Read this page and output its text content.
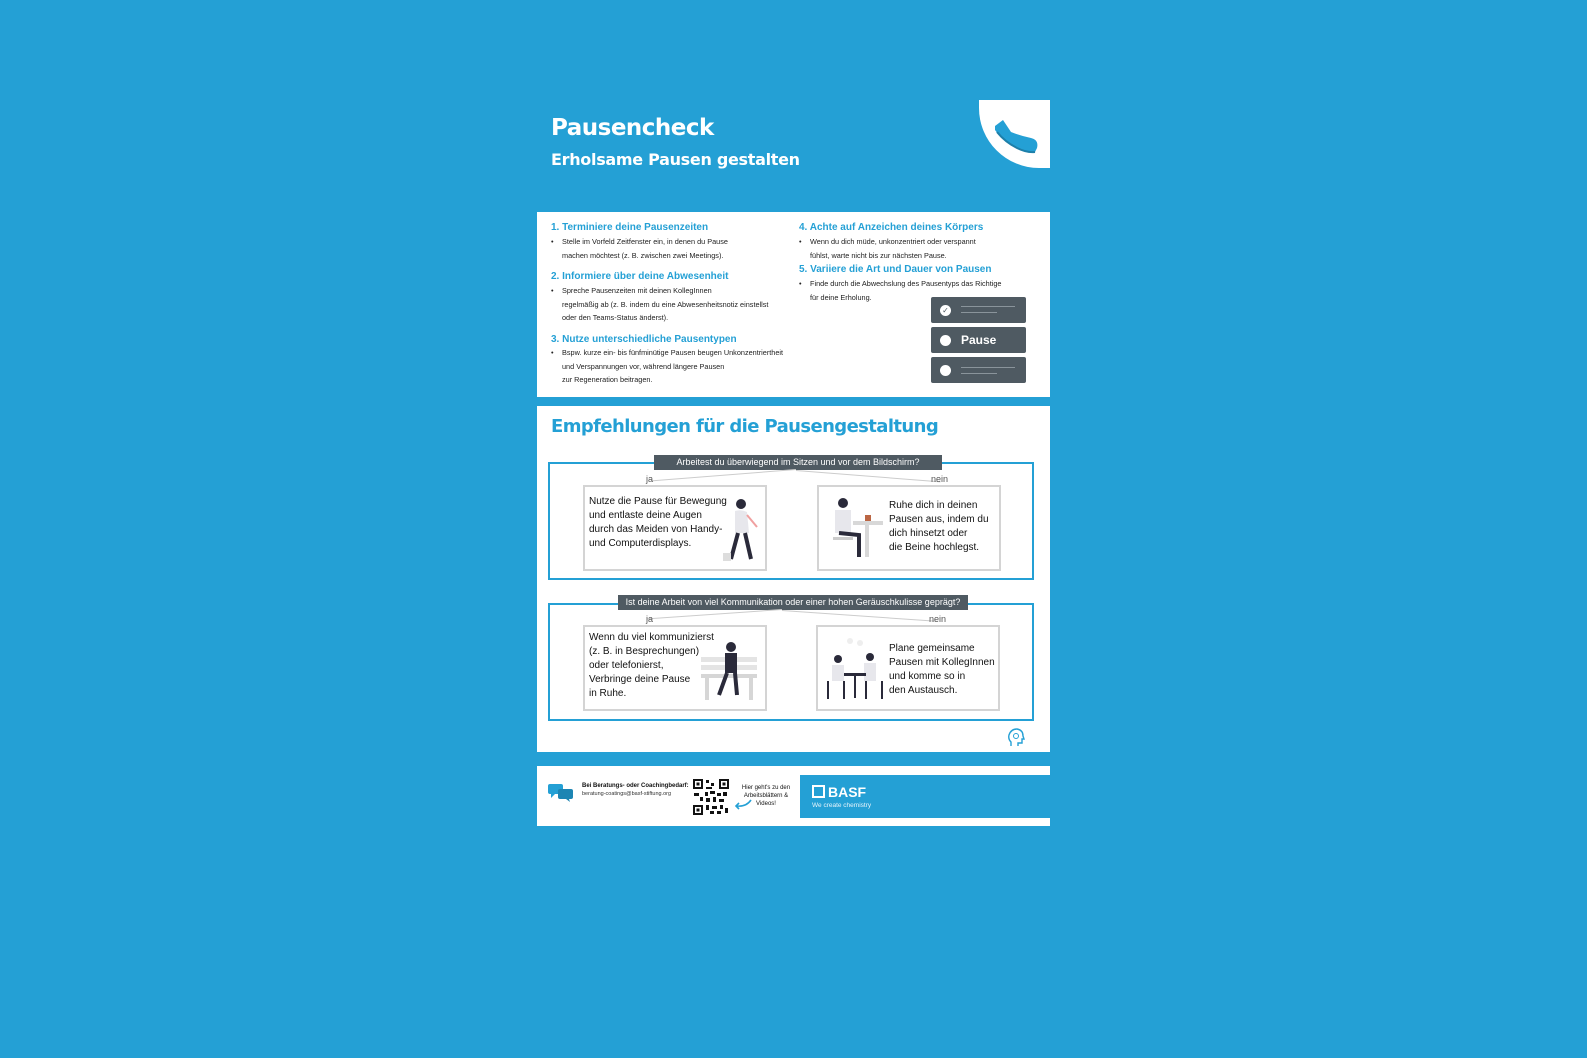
Pausencheck
Erholsame Pausen gestalten

1. Terminiere deine Pausenzeiten

• Stelle im Vorfeld Zeitfenster ein, in denen du Pause
machen möchtest (z. B. zwischen zwei Meetings).

2. Informiere über deine Abwesenheit

• Spreche Pausenzeiten mit deinen KollegInnen
regelmäßig ab (z. B. indem du eine Abwesenheitsnotiz einstellst
oder den Teams-Status änderst).

3. Nutze unterschiedliche Pausentypen

• Bspw. kurze ein- bis fünfminütige Pausen beugen Unkonzentriertheit
und Verspannungen vor, während längere Pausen
zur Regeneration beitragen.

4. Achte auf Anzeichen deines Körpers

• Wenn du dich müde, unkonzentriert oder verspannt
fühlst, warte nicht bis zur nächsten Pause.

5. Variiere die Art und Dauer von Pausen

• Finde durch die Abwechslung des Pausentyps das Richtige
für deine Erholung.
✓
Pause
Empfehlungen für die Pausengestaltung
Arbeitest du überwiegend im Sitzen und vor dem Bildschirm?
ja	nein
Nutze die Pause für Bewegung
und entlaste deine Augen
durch das Meiden von Handy-
und Computerdisplays.
Ruhe dich in deinen
Pausen aus, indem du
dich hinsetzt oder
die Beine hochlegst.
Ist deine Arbeit von viel Kommunikation oder einer hohen Geräuschkulisse geprägt?
ja	nein
Wenn du viel kommunizierst
(z. B. in Besprechungen)
oder telefonierst,
Verbringe deine Pause
in Ruhe.
Plane gemeinsame
Pausen mit KollegInnen
und komme so in
den Austausch.
Bei Beratungs- oder Coachingbedarf:
beratung-coatings@basf-stiftung.org
Hier geht's zu den
Arbeitsblättern &
Videos!
BASF
We create chemistry
